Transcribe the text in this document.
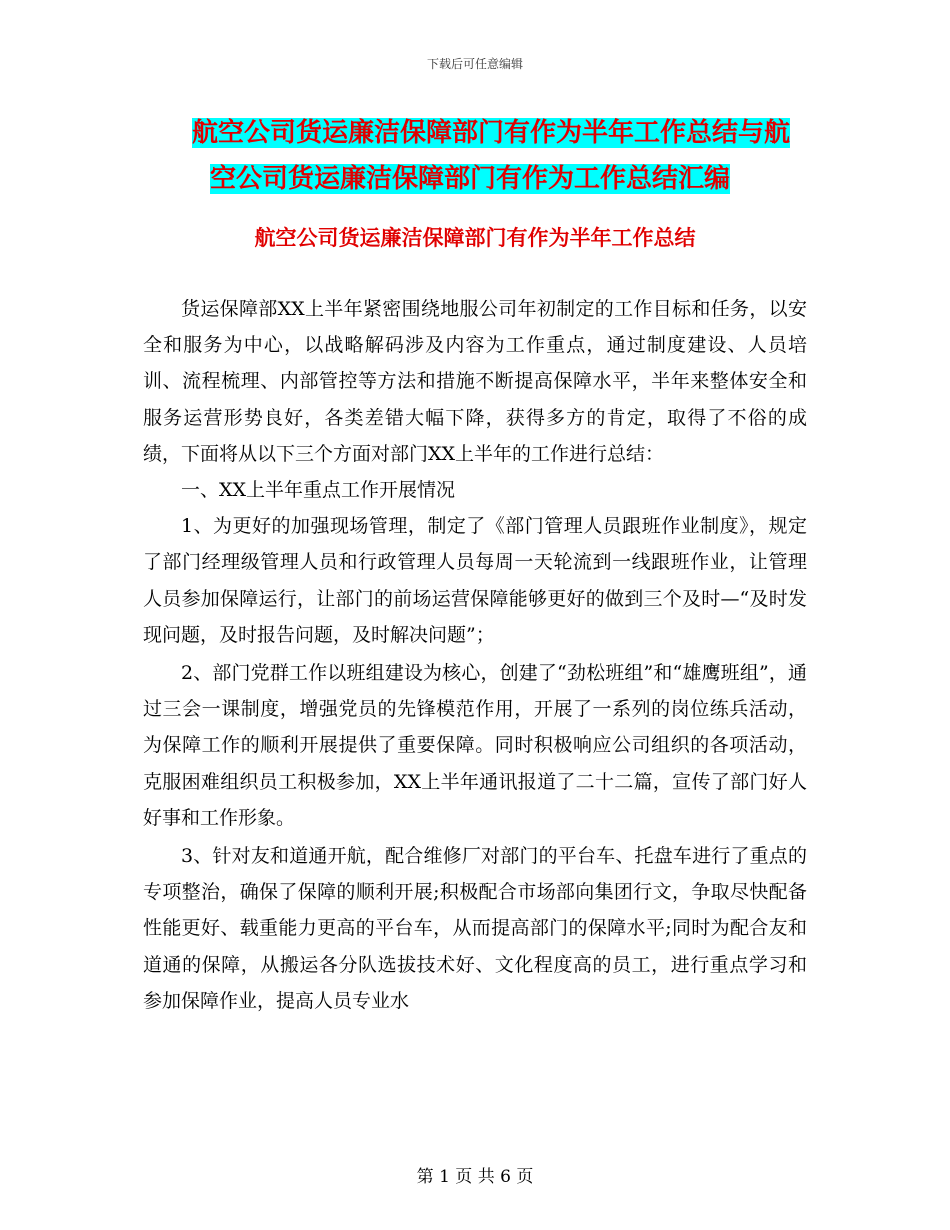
下载后可任意编辑
航空公司货运廉洁保障部门有作为半年工作总结与航
空公司货运廉洁保障部门有作为工作总结汇编
航空公司货运廉洁保障部门有作为半年工作总结

货运保障部XX上半年紧密围绕地服公司年初制定的工作目标和任务，以安全和服务为中心，以战略解码涉及内容为工作重点，通过制度建设、人员培训、流程梳理、内部管控等方法和措施不断提高保障水平，半年来整体安全和服务运营形势良好，各类差错大幅下降，获得多方的肯定，取得了不俗的成绩，下面将从以下三个方面对部门XX上半年的工作进行总结：

一、XX上半年重点工作开展情况

1、为更好的加强现场管理，制定了《部门管理人员跟班作业制度》，规定了部门经理级管理人员和行政管理人员每周一天轮流到一线跟班作业，让管理人员参加保障运行，让部门的前场运营保障能够更好的做到三个及时—“及时发现问题，及时报告问题，及时解决问题”；

2、部门党群工作以班组建设为核心，创建了“劲松班组”和“雄鹰班组”，通过三会一课制度，增强党员的先锋模范作用，开展了一系列的岗位练兵活动，为保障工作的顺利开展提供了重要保障。同时积极响应公司组织的各项活动，克服困难组织员工积极参加，XX上半年通讯报道了二十二篇，宣传了部门好人好事和工作形象。

3、针对友和道通开航，配合维修厂对部门的平台车、托盘车进行了重点的专项整治，确保了保障的顺利开展;积极配合市场部向集团行文，争取尽快配备性能更好、载重能力更高的平台车，从而提高部门的保障水平;同时为配合友和道通的保障，从搬运各分队选拔技术好、文化程度高的员工，进行重点学习和参加保障作业，提高人员专业水

第 1 页 共 6 页
